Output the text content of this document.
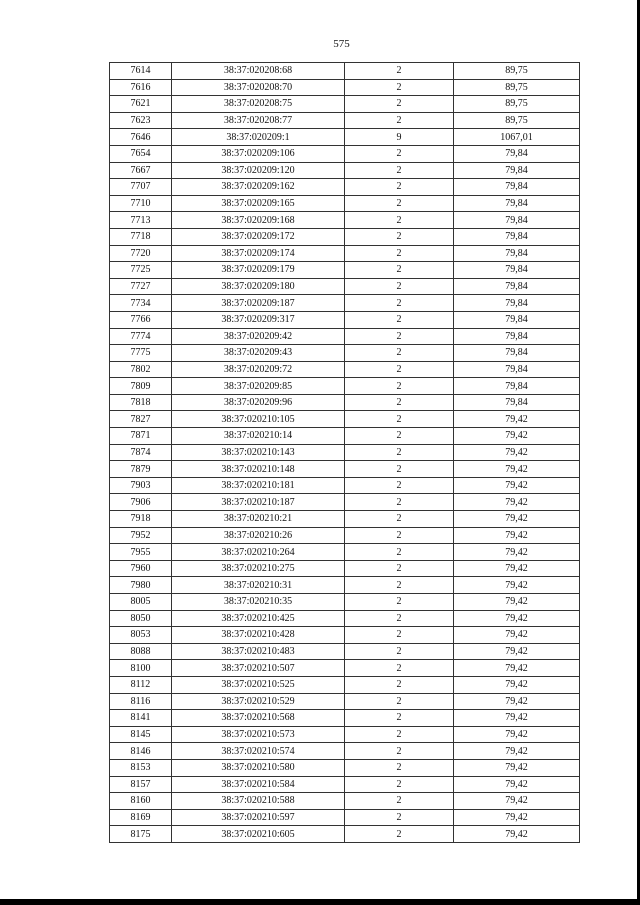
575
7614	38:37:020208:68	2	89,75
7616	38:37:020208:70	2	89,75
7621	38:37:020208:75	2	89,75
7623	38:37:020208:77	2	89,75
7646	38:37:020209:1	9	1067,01
7654	38:37:020209:106	2	79,84
7667	38:37:020209:120	2	79,84
7707	38:37:020209:162	2	79,84
7710	38:37:020209:165	2	79,84
7713	38:37:020209:168	2	79,84
7718	38:37:020209:172	2	79,84
7720	38:37:020209:174	2	79,84
7725	38:37:020209:179	2	79,84
7727	38:37:020209:180	2	79,84
7734	38:37:020209:187	2	79,84
7766	38:37:020209:317	2	79,84
7774	38:37:020209:42	2	79,84
7775	38:37:020209:43	2	79,84
7802	38:37:020209:72	2	79,84
7809	38:37:020209:85	2	79,84
7818	38:37:020209:96	2	79,84
7827	38:37:020210:105	2	79,42
7871	38:37:020210:14	2	79,42
7874	38:37:020210:143	2	79,42
7879	38:37:020210:148	2	79,42
7903	38:37:020210:181	2	79,42
7906	38:37:020210:187	2	79,42
7918	38:37:020210:21	2	79,42
7952	38:37:020210:26	2	79,42
7955	38:37:020210:264	2	79,42
7960	38:37:020210:275	2	79,42
7980	38:37:020210:31	2	79,42
8005	38:37:020210:35	2	79,42
8050	38:37:020210:425	2	79,42
8053	38:37:020210:428	2	79,42
8088	38:37:020210:483	2	79,42
8100	38:37:020210:507	2	79,42
8112	38:37:020210:525	2	79,42
8116	38:37:020210:529	2	79,42
8141	38:37:020210:568	2	79,42
8145	38:37:020210:573	2	79,42
8146	38:37:020210:574	2	79,42
8153	38:37:020210:580	2	79,42
8157	38:37:020210:584	2	79,42
8160	38:37:020210:588	2	79,42
8169	38:37:020210:597	2	79,42
8175	38:37:020210:605	2	79,42
